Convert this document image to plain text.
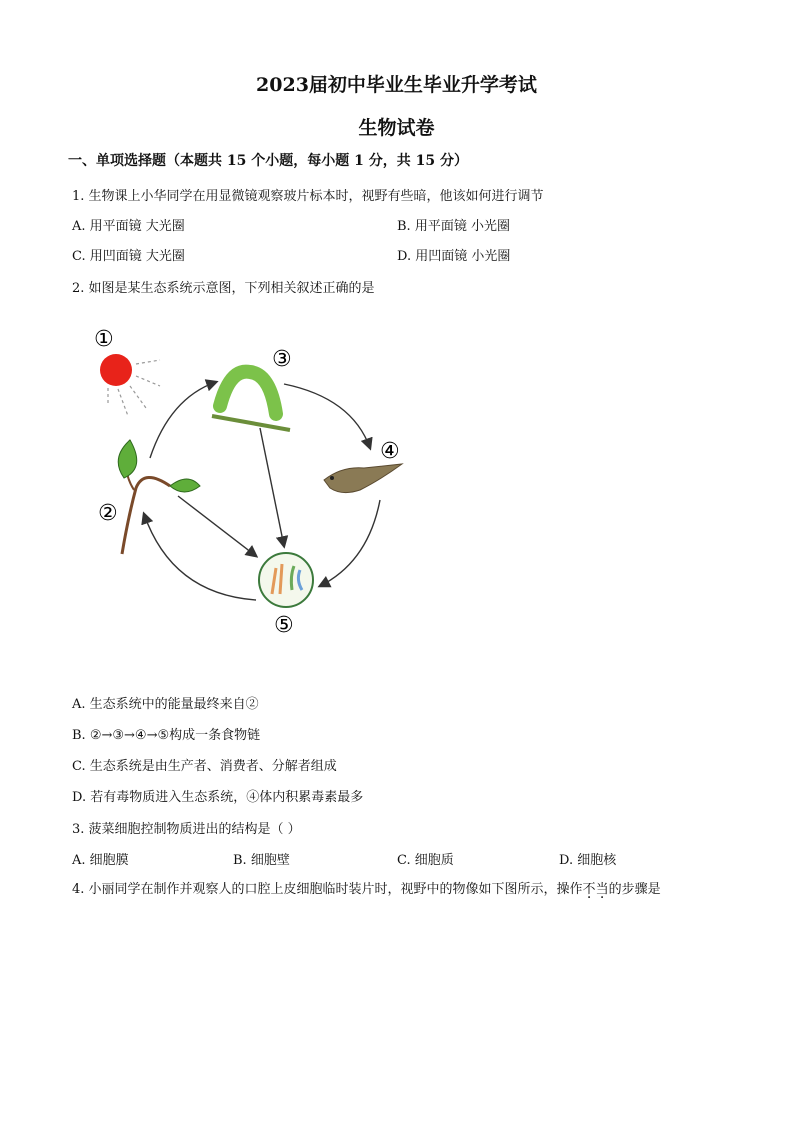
2023届初中毕业生毕业升学考试
生物试卷
一、单项选择题（本题共 15 个小题，每小题 1 分，共 15 分）
1. 生物课上小华同学在用显微镜观察玻片标本时，视野有些暗，他该如何进行调节
A. 用平面镜 大光圈	B. 用平面镜 小光圈
C. 用凹面镜 大光圈	D. 用凹面镜 小光圈
2. 如图是某生态系统示意图，下列相关叙述正确的是
①
②
③
④
⑤
A. 生态系统中的能量最终来自②
B. ②→③→④→⑤构成一条食物链
C. 生态系统是由生产者、消费者、分解者组成
D. 若有毒物质进入生态系统，④体内积累毒素最多
3. 菠菜细胞控制物质进出的结构是（ ）
A. 细胞膜	B. 细胞壁	C. 细胞质	D. 细胞核
4. 小丽同学在制作并观察人的口腔上皮细胞临时装片时，视野中的物像如下图所示，操作不当的步骤是
